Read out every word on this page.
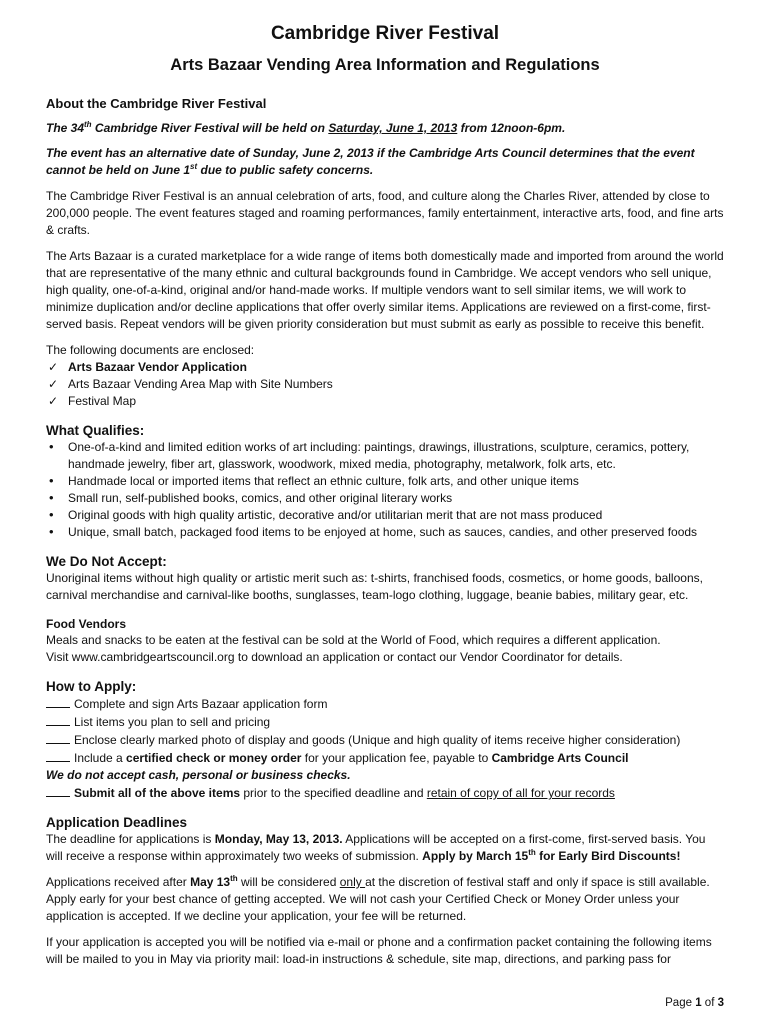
Cambridge River Festival
Arts Bazaar Vending Area Information and Regulations
About the Cambridge River Festival

The 34th Cambridge River Festival will be held on Saturday, June 1, 2013 from 12noon-6pm.

The event has an alternative date of Sunday, June 2, 2013 if the Cambridge Arts Council determines that the event cannot be held on June 1st due to public safety concerns.

The Cambridge River Festival is an annual celebration of arts, food, and culture along the Charles River, attended by close to 200,000 people. The event features staged and roaming performances, family entertainment, interactive arts, food, and fine arts & crafts.

The Arts Bazaar is a curated marketplace for a wide range of items both domestically made and imported from around the world that are representative of the many ethnic and cultural backgrounds found in Cambridge. We accept vendors who sell unique, high quality, one-of-a-kind, original and/or hand-made works. If multiple vendors want to sell similar items, we will work to minimize duplication and/or decline applications that offer overly similar items. Applications are reviewed on a first-come, first-served basis. Repeat vendors will be given priority consideration but must submit as early as possible to receive this benefit.

The following documents are enclosed:

✓ Arts Bazaar Vendor Application
✓ Arts Bazaar Vending Area Map with Site Numbers
✓ Festival Map
What Qualifies:
• One-of-a-kind and limited edition works of art including: paintings, drawings, illustrations, sculpture, ceramics, pottery, handmade jewelry, fiber art, glasswork, woodwork, mixed media, photography, metalwork, folk arts, etc.
• Handmade local or imported items that reflect an ethnic culture, folk arts, and other unique items
• Small run, self-published books, comics, and other original literary works
• Original goods with high quality artistic, decorative and/or utilitarian merit that are not mass produced
• Unique, small batch, packaged food items to be enjoyed at home, such as sauces, candies, and other preserved foods
We Do Not Accept:

Unoriginal items without high quality or artistic merit such as: t-shirts, franchised foods, cosmetics, or home goods, balloons, carnival merchandise and carnival-like booths, sunglasses, team-logo clothing, luggage, beanie babies, military gear, etc.

Food Vendors

Meals and snacks to be eaten at the festival can be sold at the World of Food, which requires a different application.

Visit www.cambridgeartscouncil.org to download an application or contact our Vendor Coordinator for details.

How to Apply:
Complete and sign Arts Bazaar application form
List items you plan to sell and pricing
Enclose clearly marked photo of display and goods (Unique and high quality of items receive higher consideration)
Include a certified check or money order for your application fee, payable to Cambridge Arts Council
We do not accept cash, personal or business checks.
Submit all of the above items prior to the specified deadline and retain of copy of all for your records
Application Deadlines

The deadline for applications is Monday, May 13, 2013. Applications will be accepted on a first-come, first-served basis. You will receive a response within approximately two weeks of submission. Apply by March 15th for Early Bird Discounts!

Applications received after May 13th will be considered only at the discretion of festival staff and only if space is still available. Apply early for your best chance of getting accepted. We will not cash your Certified Check or Money Order unless your application is accepted. If we decline your application, your fee will be returned.

If your application is accepted you will be notified via e-mail or phone and a confirmation packet containing the following items will be mailed to you in May via priority mail: load-in instructions & schedule, site map, directions, and parking pass for

Page 1 of 3
